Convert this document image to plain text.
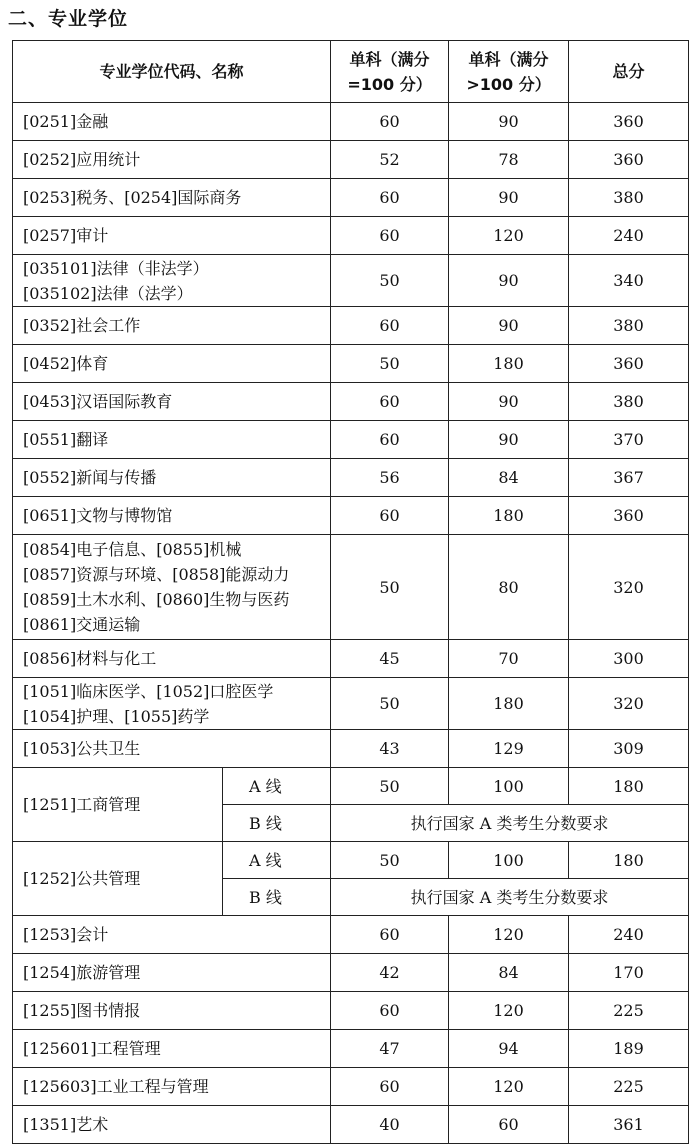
二、专业学位
专业学位代码、名称		单科（满分
=100 分）	单科（满分
>100 分）	总分

[0251]金融		60	90	360

[0252]应用统计		52	78	360

[0253]税务、[0254]国际商务		60	90	380

[0257]审计		60	120	240

[035101]法律（非法学）
[035102]法律（法学）		50	90	340

[0352]社会工作		60	90	380

[0452]体育		50	180	360

[0453]汉语国际教育		60	90	380

[0551]翻译		60	90	370

[0552]新闻与传播		56	84	367

[0651]文物与博物馆		60	180	360

[0854]电子信息、[0855]机械
[0857]资源与环境、[0858]能源动力
[0859]土木水利、[0860]生物与医药
[0861]交通运输		50	80	320

[0856]材料与化工		45	70	300

[1051]临床医学、[1052]口腔医学
[1054]护理、[1055]药学		50	180	320

[1053]公共卫生		43	129	309
[1251]工商管理	A 线	50	100	180
	B 线	执行国家 A 类考生分数要求		
[1252]公共管理	A 线	50	100	180
	B 线	执行国家 A 类考生分数要求		

[1253]会计		60	120	240

[1254]旅游管理		42	84	170

[1255]图书情报		60	120	225

[125601]工程管理		47	94	189

[125603]工业工程与管理		60	120	225

[1351]艺术		40	60	361
